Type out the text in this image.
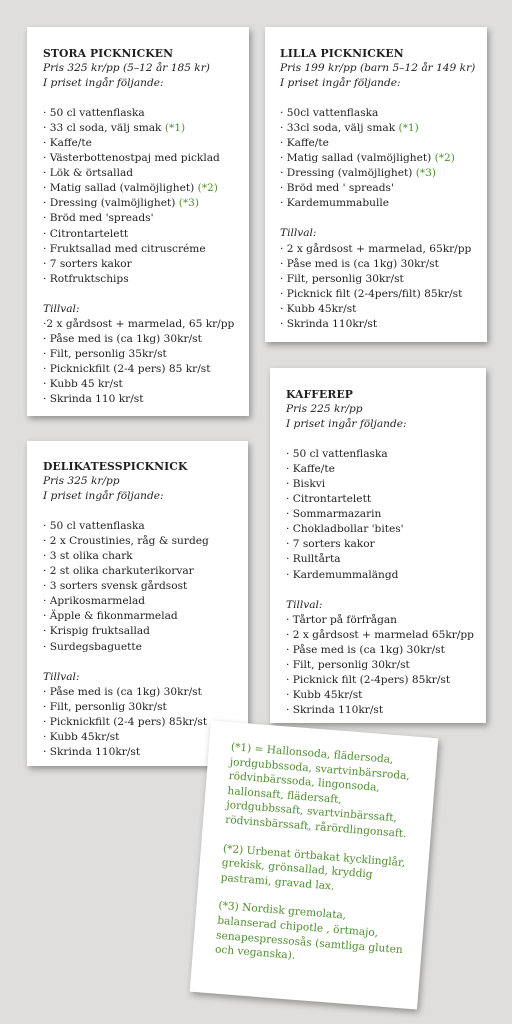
STORA PICKNICKEN
Pris 325 kr/pp (5–12 år 185 kr)
I priset ingår följande:
· 50 cl vattenflaska
· 33 cl soda, välj smak (*1)
· Kaffe/te
· Västerbottenostpaj med picklad
· Lök & örtsallad
· Matig sallad (valmöjlighet) (*2)
· Dressing (valmöjlighet) (*3)
· Bröd med 'spreads'
· Citrontartelett
· Fruktsallad med citruscréme
· 7 sorters kakor
· Rotfruktschips
Tillval:
·2 x gårdsost + marmelad, 65 kr/pp
· Påse med is (ca 1kg) 30kr/st
· Filt, personlig 35kr/st
· Picknickfilt (2-4 pers) 85 kr/st
· Kubb 45 kr/st
· Skrinda 110 kr/st
LILLA PICKNICKEN
Pris 199 kr/pp (barn 5–12 år 149 kr)
I priset ingår följande:
· 50cl vattenflaska
· 33cl soda, välj smak (*1)
· Kaffe/te
· Matig sallad (valmöjlighet) (*2)
· Dressing (valmöjlighet) (*3)
· Bröd med ' spreads'
· Kardemummabulle
Tillval:
· 2 x gårdsost + marmelad, 65kr/pp
· Påse med is (ca 1kg) 30kr/st
· Filt, personlig 30kr/st
· Picknick filt (2-4pers/filt) 85kr/st
· Kubb 45kr/st
· Skrinda 110kr/st
KAFFEREP
Pris 225 kr/pp
I priset ingår följande:
· 50 cl vattenflaska
· Kaffe/te
· Biskvi
· Citrontartelett
· Sommarmazarin
· Chokladbollar 'bites'
· 7 sorters kakor
· Rulltårta
· Kardemummalängd
Tillval:
· Tårtor på förfrågan
· 2 x gårdsost + marmelad 65kr/pp
· Påse med is (ca 1kg) 30kr/st
· Filt, personlig 30kr/st
· Picknick filt (2-4pers) 85kr/st
· Kubb 45kr/st
· Skrinda 110kr/st
DELIKATESSPICKNICK
Pris 325 kr/pp
I priset ingår följande:
· 50 cl vattenflaska
· 2 x Croustinies, råg & surdeg
· 3 st olika chark
· 2 st olika charkuterikorvar
· 3 sorters svensk gårdsost
· Aprikosmarmelad
· Äpple & fikonmarmelad
· Krispig fruktsallad
· Surdegsbaguette
Tillval:
· Påse med is (ca 1kg) 30kr/st
· Filt, personlig 30kr/st
· Picknickfilt (2-4 pers) 85kr/st
· Kubb 45kr/st
· Skrinda 110kr/st	(*1) = Hallonsoda, flädersoda, jordgubbssoda, svartvinbärsroda, rödvinbärssoda, lingonsoda, hallonsaft, flädersaft, jordgubbssaft, svartvinbärssaft, rödvinsbärssaft, rårördlingonsaft.

(*2) Urbenat örtbakat kycklinglår, grekisk, grönsallad, kryddig pastrami, gravad lax.

(*3) Nordisk gremolata, balanserad chipotle , örtmajo, senapespressosås (samtliga gluten och veganska).
